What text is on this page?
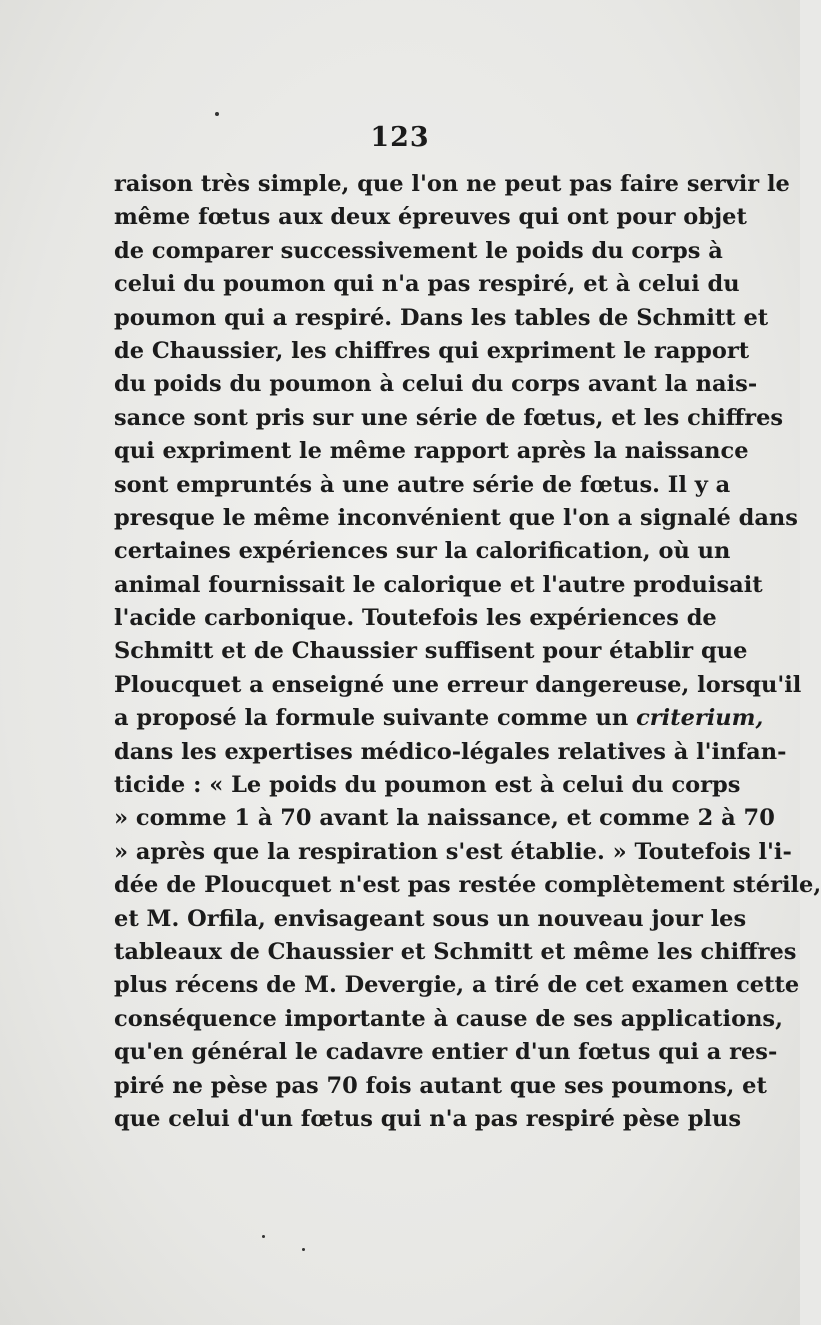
123
raison très simple, que l'on ne peut pas faire servir le
même fœtus aux deux épreuves qui ont pour objet
de comparer successivement le poids du corps à
celui du poumon qui n'a pas respiré, et à celui du
poumon qui a respiré. Dans les tables de Schmitt et
de Chaussier, les chiffres qui expriment le rapport
du poids du poumon à celui du corps avant la nais-
sance sont pris sur une série de fœtus, et les chiffres
qui expriment le même rapport après la naissance
sont empruntés à une autre série de fœtus. Il y a
presque le même inconvénient que l'on a signalé dans
certaines expériences sur la calorification, où un
animal fournissait le calorique et l'autre produisait
l'acide carbonique. Toutefois les expériences de
Schmitt et de Chaussier suffisent pour établir que
Ploucquet a enseigné une erreur dangereuse, lorsqu'il
a proposé la formule suivante comme un criterium,
dans les expertises médico-légales relatives à l'infan-
ticide : « Le poids du poumon est à celui du corps
» comme 1 à 70 avant la naissance, et comme 2 à 70
» après que la respiration s'est établie. » Toutefois l'i-
dée de Ploucquet n'est pas restée complètement stérile,
et M. Orfila, envisageant sous un nouveau jour les
tableaux de Chaussier et Schmitt et même les chiffres
plus récens de M. Devergie, a tiré de cet examen cette
conséquence importante à cause de ses applications,
qu'en général le cadavre entier d'un fœtus qui a res-
piré ne pèse pas 70 fois autant que ses poumons, et
que celui d'un fœtus qui n'a pas respiré pèse plus
